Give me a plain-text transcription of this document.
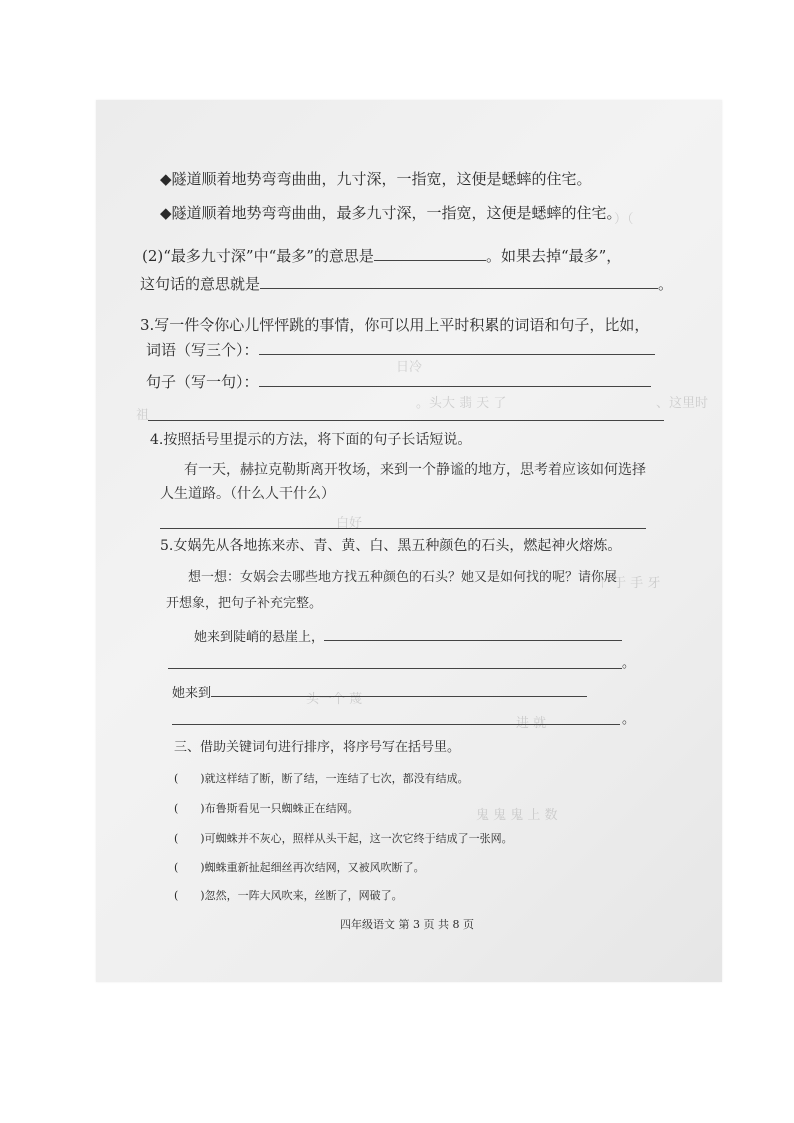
）（
日冷
。头大 翡 天 了	、这里时
祖
白好
ㄒ 于 手 牙
头一个 蔑
进 就
鬼 鬼 鬼 上 数
◆隧道顺着地势弯弯曲曲，九寸深，一指宽，这便是蟋蟀的住宅。
◆隧道顺着地势弯弯曲曲，最多九寸深，一指宽，这便是蟋蟀的住宅。
(2)“最多九寸深”中“最多”的意思是	。如果去掉“最多”，
这句话的意思就是	。
3.写一件令你心儿怦怦跳的事情，你可以用上平时积累的词语和句子，比如，
词语（写三个）：
句子（写一句）：
4.按照括号里提示的方法，将下面的句子长话短说。
有一天，赫拉克勒斯离开牧场，来到一个静谧的地方，思考着应该如何选择
人生道路。（什么人干什么）
5.女娲先从各地拣来赤、青、黄、白、黑五种颜色的石头，燃起神火熔炼。
想一想：女娲会去哪些地方找五种颜色的石头？她又是如何找的呢？请你展
开想象，把句子补充完整。
她来到陡峭的悬崖上，
。
她来到
。
三、借助关键词句进行排序，将序号写在括号里。
(　　)就这样结了断，断了结，一连结了七次，都没有结成。
(　　)布鲁斯看见一只蜘蛛正在结网。
(　　)可蜘蛛并不灰心，照样从头干起，这一次它终于结成了一张网。
(　　)蜘蛛重新扯起细丝再次结网，又被风吹断了。
(　　)忽然，一阵大风吹来，丝断了，网破了。
四年级语文 第 3 页 共 8 页
